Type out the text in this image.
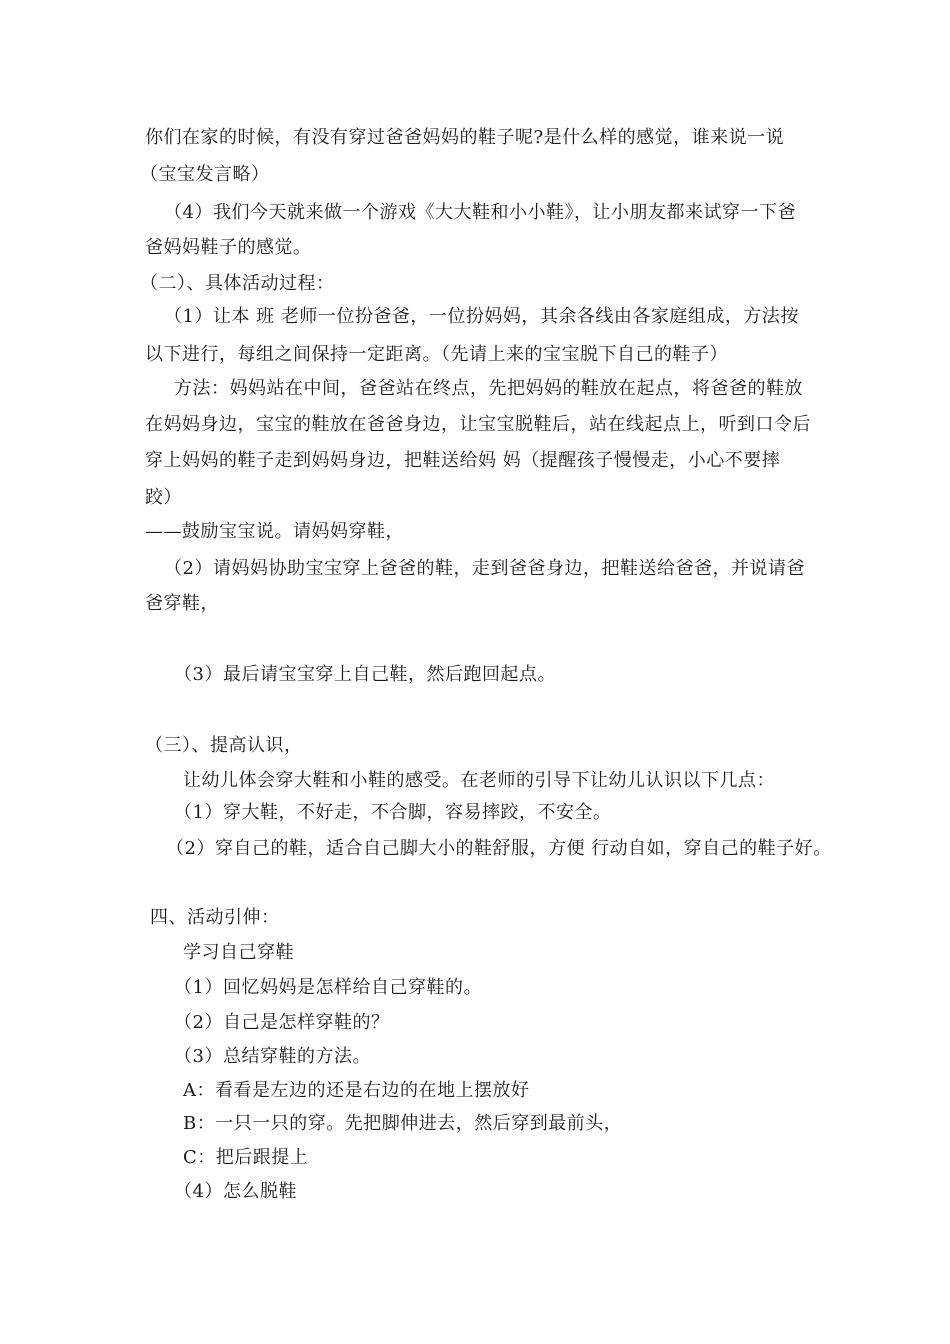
你们在家的时候，有没有穿过爸爸妈妈的鞋子呢?是什么样的感觉，谁来说一说
（宝宝发言略）
（4）我们今天就来做一个游戏《大大鞋和小小鞋》，让小朋友都来试穿一下爸
爸妈妈鞋子的感觉。
（二）、具体活动过程：
（1）让本 班 老师一位扮爸爸，一位扮妈妈，其余各线由各家庭组成，方法按
以下进行，每组之间保持一定距离。（先请上来的宝宝脱下自己的鞋子）
方法：妈妈站在中间，爸爸站在终点，先把妈妈的鞋放在起点，将爸爸的鞋放
在妈妈身边，宝宝的鞋放在爸爸身边，让宝宝脱鞋后，站在线起点上，听到口令后
穿上妈妈的鞋子走到妈妈身边，把鞋送给妈 妈（提醒孩子慢慢走，小心不要摔
跤）
——鼓励宝宝说。请妈妈穿鞋，
（2）请妈妈协助宝宝穿上爸爸的鞋，走到爸爸身边，把鞋送给爸爸，并说请爸
爸穿鞋，
（3）最后请宝宝穿上自己鞋，然后跑回起点。
（三）、提高认识，
让幼儿体会穿大鞋和小鞋的感受。在老师的引导下让幼儿认识以下几点：
（1）穿大鞋，不好走，不合脚，容易摔跤，不安全。
（2）穿自己的鞋，适合自己脚大小的鞋舒服，方便 行动自如，穿自己的鞋子好。
四、活动引伸：
学习自己穿鞋
（1）回忆妈妈是怎样给自己穿鞋的。
（2）自己是怎样穿鞋的？
（3）总结穿鞋的方法。
A：看看是左边的还是右边的在地上摆放好
B：一只一只的穿。先把脚伸进去，然后穿到最前头，
C：把后跟提上
（4）怎么脱鞋
